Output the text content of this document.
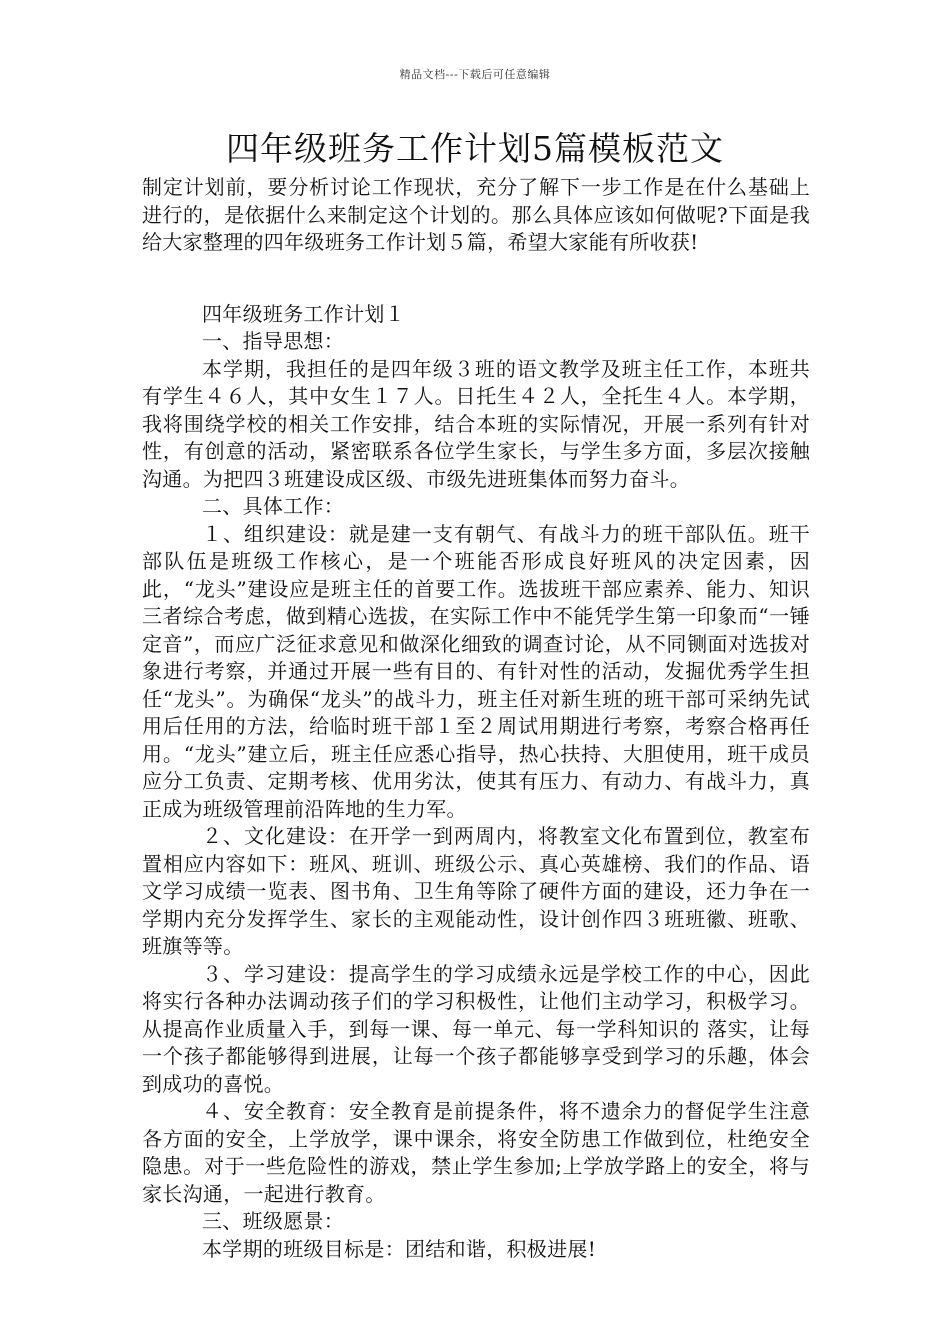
精品文档---下载后可任意编辑
四年级班务工作计划5篇模板范文

制定计划前，要分析讨论工作现状，充分了解下一步工作是在什么基础上进行的，是依据什么来制定这个计划的。那么具体应该如何做呢?下面是我给大家整理的四年级班务工作计划５篇，希望大家能有所收获!

四年级班务工作计划１

一、指导思想：

本学期，我担任的是四年级３班的语文教学及班主任工作，本班共有学生４６人，其中女生１７人。日托生４２人，全托生４人。本学期，我将围绕学校的相关工作安排，结合本班的实际情况，开展一系列有针对性，有创意的活动，紧密联系各位学生家长，与学生多方面，多层次接触沟通。为把四３班建设成区级、市级先进班集体而努力奋斗。

二、具体工作：

１、组织建设：就是建一支有朝气、有战斗力的班干部队伍。班干部队伍是班级工作核心，是一个班能否形成良好班风的决定因素，因此，“龙头”建设应是班主任的首要工作。选拔班干部应素养、能力、知识三者综合考虑，做到精心选拔，在实际工作中不能凭学生第一印象而“一锤定音”，而应广泛征求意见和做深化细致的调查讨论，从不同铡面对选拔对象进行考察，并通过开展一些有目的、有针对性的活动，发掘优秀学生担任“龙头”。为确保“龙头”的战斗力，班主任对新生班的班干部可采纳先试用后任用的方法，给临时班干部１至２周试用期进行考察，考察合格再任用。“龙头”建立后，班主任应悉心指导，热心扶持、大胆使用，班干成员应分工负责、定期考核、优用劣汰，使其有压力、有动力、有战斗力，真正成为班级管理前沿阵地的生力军。

２、文化建设：在开学一到两周内，将教室文化布置到位，教室布置相应内容如下：班风、班训、班级公示、真心英雄榜、我们的作品、语文学习成绩一览表、图书角、卫生角等除了硬件方面的建设，还力争在一学期内充分发挥学生、家长的主观能动性，设计创作四３班班徽、班歌、班旗等等。

３、学习建设：提高学生的学习成绩永远是学校工作的中心，因此将实行各种办法调动孩子们的学习积极性，让他们主动学习，积极学习。从提高作业质量入手，到每一课、每一单元、每一学科知识的 落实，让每一个孩子都能够得到进展，让每一个孩子都能够享受到学习的乐趣，体会到成功的喜悦。

４、安全教育：安全教育是前提条件，将不遗余力的督促学生注意各方面的安全，上学放学，课中课余，将安全防患工作做到位，杜绝安全隐患。对于一些危险性的游戏，禁止学生参加;上学放学路上的安全，将与家长沟通，一起进行教育。

三、班级愿景：

本学期的班级目标是：团结和谐，积极进展!
